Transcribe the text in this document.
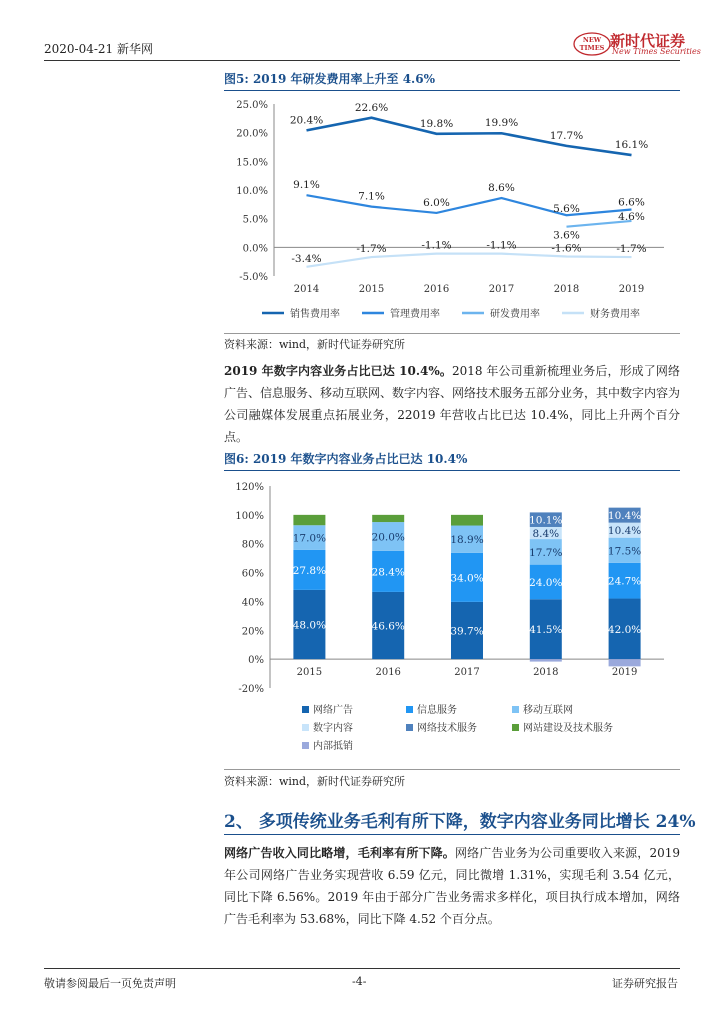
2020-04-21 新华网
NEW
TIMES 新时代证券
New Times Securities
图5: 2019 年研发费用率上升至 4.6%
25.0%
20.0%
15.0%
10.0%
5.0%
0.0%
-5.0%
2014	2015	2016	2017	2018	2019
20.4%
22.6%
19.8%	19.9%
17.7%
16.1%
9.1%
7.1%
6.0%
8.6%
5.6%
6.6%
3.6%
4.6%
-3.4%
-1.7%	-1.1%	-1.1%	-1.6%	-1.7%
销售费用率	管理费用率	研发费用率	财务费用率
资料来源：wind，新时代证券研究所
2019 年数字内容业务占比已达 10.4%。2018 年公司重新梳理业务后，形成了网络广告、信息服务、移动互联网、数字内容、网络技术服务五部分业务，其中数字内容为公司融媒体发展重点拓展业务，22019 年营收占比已达 10.4%，同比上升两个百分点。
图6: 2019 年数字内容业务占比已达 10.4%
120%
100%
80%
60%
40%
20%
0%
-20%
48.0%
27.8%
17.0%
2015
46.6%
28.4%
20.0%
2016
39.7%
34.0%
18.9%
2017
41.5%
24.0%
17.7%
8.4%
10.1%
2018
42.0%
24.7%
17.5%
10.4%
10.4%
2019
网络广告	信息服务	移动互联网
数字内容	网络技术服务	网站建设及技术服务
内部抵销
资料来源：wind，新时代证券研究所
2、 多项传统业务毛利有所下降，数字内容业务同比增长 24%
网络广告收入同比略增，毛利率有所下降。网络广告业务为公司重要收入来源，2019 年公司网络广告业务实现营收 6.59 亿元，同比微增 1.31%，实现毛利 3.54 亿元，同比下降 6.56%。2019 年由于部分广告业务需求多样化，项目执行成本增加，网络广告毛利率为 53.68%，同比下降 4.52 个百分点。
敬请参阅最后一页免责声明	-4-	证券研究报告
